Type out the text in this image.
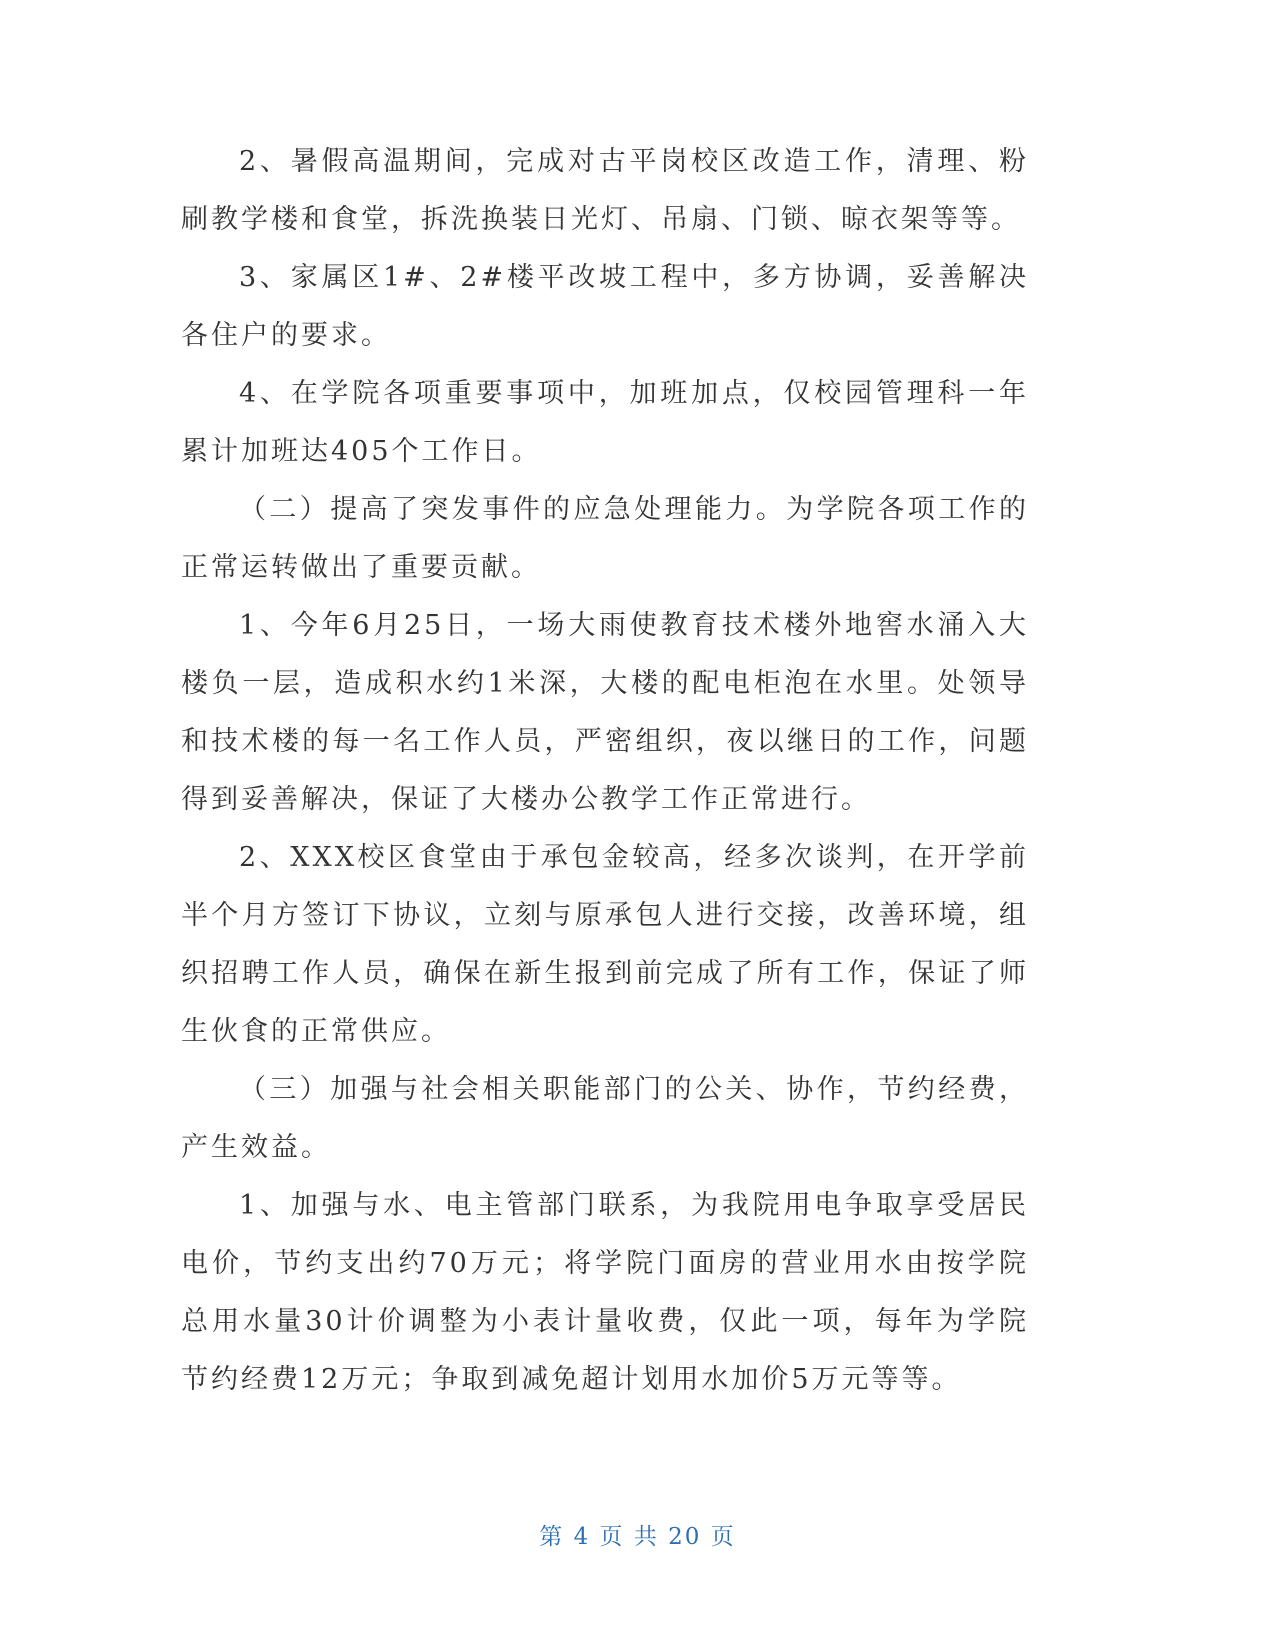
2、暑假高温期间，完成对古平岗校区改造工作，清理、粉刷教学楼和食堂，拆洗换装日光灯、吊扇、门锁、晾衣架等等。

3、家属区1#、2#楼平改坡工程中，多方协调，妥善解决各住户的要求。

4、在学院各项重要事项中，加班加点，仅校园管理科一年累计加班达405个工作日。

（二）提高了突发事件的应急处理能力。为学院各项工作的正常运转做出了重要贡献。

1、今年6月25日，一场大雨使教育技术楼外地窖水涌入大楼负一层，造成积水约1米深，大楼的配电柜泡在水里。处领导和技术楼的每一名工作人员，严密组织，夜以继日的工作，问题得到妥善解决，保证了大楼办公教学工作正常进行。

2、XXX校区食堂由于承包金较高，经多次谈判，在开学前半个月方签订下协议，立刻与原承包人进行交接，改善环境，组织招聘工作人员，确保在新生报到前完成了所有工作，保证了师生伙食的正常供应。

（三）加强与社会相关职能部门的公关、协作，节约经费，产生效益。

1、加强与水、电主管部门联系，为我院用电争取享受居民电价，节约支出约70万元；将学院门面房的营业用水由按学院总用水量30计价调整为小表计量收费，仅此一项，每年为学院节约经费12万元；争取到减免超计划用水加价5万元等等。

第 4 页 共 20 页
